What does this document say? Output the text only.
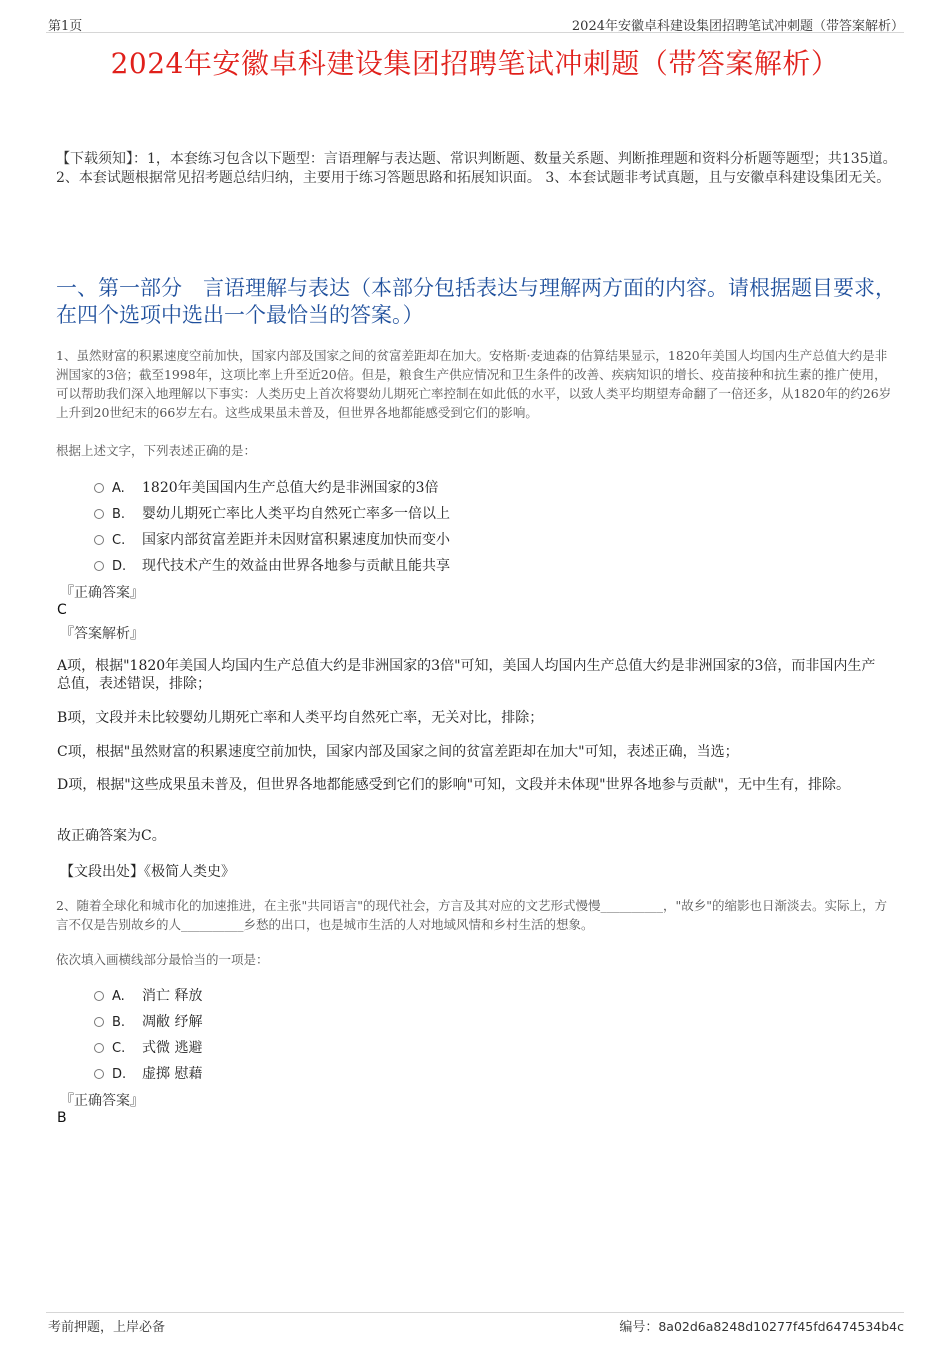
第1页	2024年安徽卓科建设集团招聘笔试冲刺题（带答案解析）
2024年安徽卓科建设集团招聘笔试冲刺题（带答案解析）
【下载须知】：1，本套练习包含以下题型：言语理解与表达题、常识判断题、数量关系题、判断推理题和资料分析题等题型；共135道。 2、本套试题根据常见招考题总结归纳，主要用于练习答题思路和拓展知识面。 3、本套试题非考试真题，且与安徽卓科建设集团无关。
一、第一部分　言语理解与表达（本部分包括表达与理解两方面的内容。请根据题目要求，在四个选项中选出一个最恰当的答案。）
1、虽然财富的积累速度空前加快，国家内部及国家之间的贫富差距却在加大。安格斯·麦迪森的估算结果显示，1820年美国人均国内生产总值大约是非洲国家的3倍；截至1998年，这项比率上升至近20倍。但是，粮食生产供应情况和卫生条件的改善、疾病知识的增长、疫苗接种和抗生素的推广使用，可以帮助我们深入地理解以下事实：人类历史上首次将婴幼儿期死亡率控制在如此低的水平，以致人类平均期望寿命翻了一倍还多，从1820年的约26岁上升到20世纪末的66岁左右。这些成果虽未普及，但世界各地都能感受到它们的影响。
根据上述文字，下列表述正确的是：
A. 1820年美国国内生产总值大约是非洲国家的3倍
B. 婴幼儿期死亡率比人类平均自然死亡率多一倍以上
C. 国家内部贫富差距并未因财富积累速度加快而变小
D. 现代技术产生的效益由世界各地参与贡献且能共享
『正确答案』
C
『答案解析』
A项，根据"1820年美国人均国内生产总值大约是非洲国家的3倍"可知，美国人均国内生产总值大约是非洲国家的3倍，而非国内生产总值，表述错误，排除；
B项，文段并未比较婴幼儿期死亡率和人类平均自然死亡率，无关对比，排除；
C项，根据"虽然财富的积累速度空前加快，国家内部及国家之间的贫富差距却在加大"可知，表述正确，当选；
D项，根据"这些成果虽未普及，但世界各地都能感受到它们的影响"可知，文段并未体现"世界各地参与贡献"，无中生有，排除。
故正确答案为C。
【文段出处】《极简人类史》
2、随着全球化和城市化的加速推进，在主张"共同语言"的现代社会，方言及其对应的文艺形式慢慢__________，"故乡"的缩影也日渐淡去。实际上，方言不仅是告别故乡的人__________乡愁的出口，也是城市生活的人对地域风情和乡村生活的想象。
依次填入画横线部分最恰当的一项是：
A. 消亡 释放
B. 凋敝 纾解
C. 式微 逃避
D. 虚掷 慰藉
『正确答案』
B
考前押题，上岸必备	编号：8a02d6a8248d10277f45fd6474534b4c
